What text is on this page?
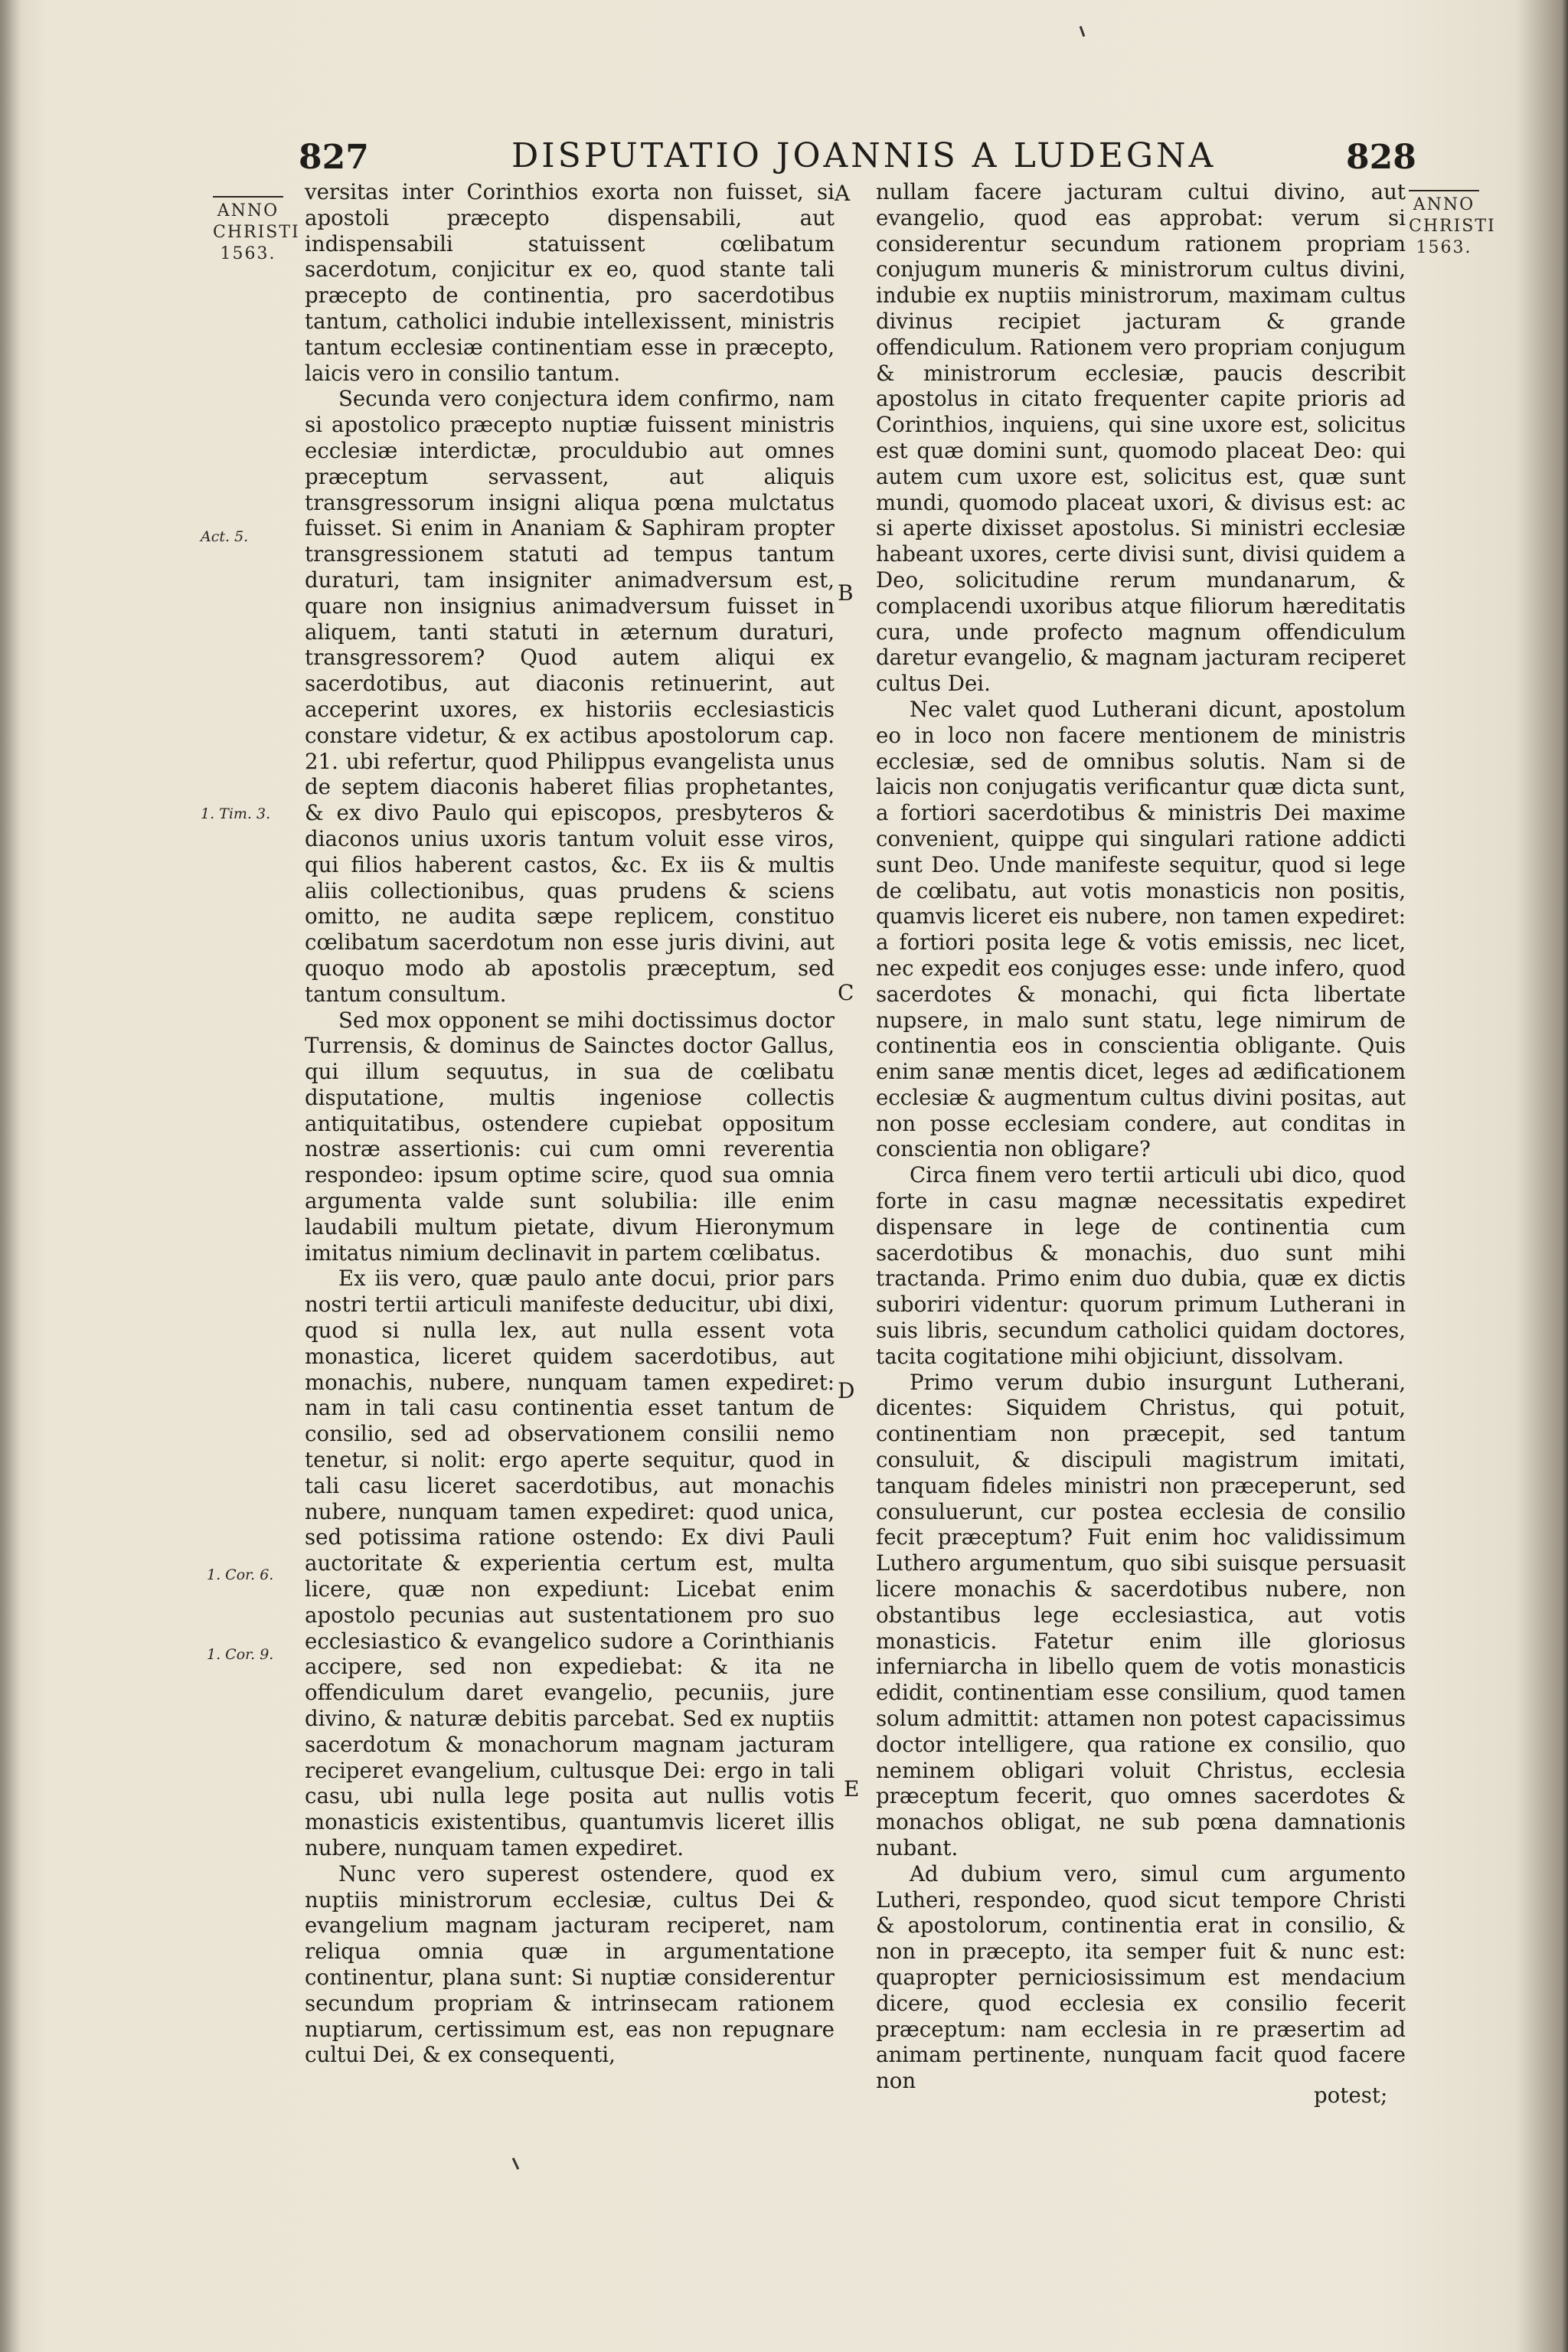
827	DISPUTATIO JOANNIS A LUDEGNA	828
ANNO
CHRISTI
1563.
ANNO
CHRISTI
1563.
Act. 5.
1. Tim. 3.
1. Cor. 6.
1. Cor. 9.
A
B
C
D
E

versitas inter Corinthios exorta non fuisset, si apostoli præcepto dispensabili, aut indispensabili statuissent cœlibatum sacerdotum, conjicitur ex eo, quod stante tali præcepto de continentia, pro sacerdotibus tantum, catholici indubie intellexissent, ministris tantum ecclesiæ continentiam esse in præcepto, laicis vero in consilio tantum.

Secunda vero conjectura idem confirmo, nam si apostolico præcepto nuptiæ fuissent ministris ecclesiæ interdictæ, proculdubio aut omnes præceptum servassent, aut aliquis transgressorum insigni aliqua pœna mulctatus fuisset. Si enim in Ananiam & Saphiram propter transgressionem statuti ad tempus tantum duraturi, tam insigniter animadversum est, quare non insignius animadversum fuisset in aliquem, tanti statuti in æternum duraturi, transgressorem? Quod autem aliqui ex sacerdotibus, aut diaconis retinuerint, aut acceperint uxores, ex historiis ecclesiasticis constare videtur, & ex actibus apostolorum cap. 21. ubi refertur, quod Philippus evangelista unus de septem diaconis haberet filias prophetantes, & ex divo Paulo qui episcopos, presbyteros & diaconos unius uxoris tantum voluit esse viros, qui filios haberent castos, &c. Ex iis & multis aliis collectionibus, quas prudens & sciens omitto, ne audita sæpe replicem, constituo cœlibatum sacerdotum non esse juris divini, aut quoquo modo ab apostolis præceptum, sed tantum consultum.

Sed mox opponent se mihi doctissimus doctor Turrensis, & dominus de Sainctes doctor Gallus, qui illum sequutus, in sua de cœlibatu disputatione, multis ingeniose collectis antiquitatibus, ostendere cupiebat oppositum nostræ assertionis: cui cum omni reverentia respondeo: ipsum optime scire, quod sua omnia argumenta valde sunt solubilia: ille enim laudabili multum pietate, divum Hieronymum imitatus nimium declinavit in partem cœlibatus.

Ex iis vero, quæ paulo ante docui, prior pars nostri tertii articuli manifeste deducitur, ubi dixi, quod si nulla lex, aut nulla essent vota monastica, liceret quidem sacerdotibus, aut monachis, nubere, nunquam tamen expediret: nam in tali casu continentia esset tantum de consilio, sed ad observationem consilii nemo tenetur, si nolit: ergo aperte sequitur, quod in tali casu liceret sacerdotibus, aut monachis nubere, nunquam tamen expediret: quod unica, sed potissima ratione ostendo: Ex divi Pauli auctoritate & experientia certum est, multa licere, quæ non expediunt: Licebat enim apostolo pecunias aut sustentationem pro suo ecclesiastico & evangelico sudore a Corinthianis accipere, sed non expediebat: & ita ne offendiculum daret evangelio, pecuniis, jure divino, & naturæ debitis parcebat. Sed ex nuptiis sacerdotum & monachorum magnam jacturam reciperet evangelium, cultusque Dei: ergo in tali casu, ubi nulla lege posita aut nullis votis monasticis existentibus, quantumvis liceret illis nubere, nunquam tamen expediret.

Nunc vero superest ostendere, quod ex nuptiis ministrorum ecclesiæ, cultus Dei & evangelium magnam jacturam reciperet, nam reliqua omnia quæ in argumentatione continentur, plana sunt: Si nuptiæ considerentur secundum propriam & intrinsecam rationem nuptiarum, certissimum est, eas non repugnare cultui Dei, & ex consequenti,

nullam facere jacturam cultui divino, aut evangelio, quod eas approbat: verum si considerentur secundum rationem propriam conjugum muneris & ministrorum cultus divini, indubie ex nuptiis ministrorum, maximam cultus divinus recipiet jacturam & grande offendiculum. Rationem vero propriam conjugum & ministrorum ecclesiæ, paucis describit apostolus in citato frequenter capite prioris ad Corinthios, inquiens, qui sine uxore est, solicitus est quæ domini sunt, quomodo placeat Deo: qui autem cum uxore est, solicitus est, quæ sunt mundi, quomodo placeat uxori, & divisus est: ac si aperte dixisset apostolus. Si ministri ecclesiæ habeant uxores, certe divisi sunt, divisi quidem a Deo, solicitudine rerum mundanarum, & complacendi uxoribus atque filiorum hæreditatis cura, unde profecto magnum offendiculum daretur evangelio, & magnam jacturam reciperet cultus Dei.

Nec valet quod Lutherani dicunt, apostolum eo in loco non facere mentionem de ministris ecclesiæ, sed de omnibus solutis. Nam si de laicis non conjugatis verificantur quæ dicta sunt, a fortiori sacerdotibus & ministris Dei maxime convenient, quippe qui singulari ratione addicti sunt Deo. Unde manifeste sequitur, quod si lege de cœlibatu, aut votis monasticis non positis, quamvis liceret eis nubere, non tamen expediret: a fortiori posita lege & votis emissis, nec licet, nec expedit eos conjuges esse: unde infero, quod sacerdotes & monachi, qui ficta libertate nupsere, in malo sunt statu, lege nimirum de continentia eos in conscientia obligante. Quis enim sanæ mentis dicet, leges ad ædificationem ecclesiæ & augmentum cultus divini positas, aut non posse ecclesiam condere, aut conditas in conscientia non obligare?

Circa finem vero tertii articuli ubi dico, quod forte in casu magnæ necessitatis expediret dispensare in lege de continentia cum sacerdotibus & monachis, duo sunt mihi tractanda. Primo enim duo dubia, quæ ex dictis suboriri videntur: quorum primum Lutherani in suis libris, secundum catholici quidam doctores, tacita cogitatione mihi objiciunt, dissolvam.

Primo verum dubio insurgunt Lutherani, dicentes: Siquidem Christus, qui potuit, continentiam non præcepit, sed tantum consuluit, & discipuli magistrum imitati, tanquam fideles ministri non præceperunt, sed consuluerunt, cur postea ecclesia de consilio fecit præceptum? Fuit enim hoc validissimum Luthero argumentum, quo sibi suisque persuasit licere monachis & sacerdotibus nubere, non obstantibus lege ecclesiastica, aut votis monasticis. Fatetur enim ille gloriosus inferniarcha in libello quem de votis monasticis edidit, continentiam esse consilium, quod tamen solum admittit: attamen non potest capacissimus doctor intelligere, qua ratione ex consilio, quo neminem obligari voluit Christus, ecclesia præceptum fecerit, quo omnes sacerdotes & monachos obligat, ne sub pœna damnationis nubant.

Ad dubium vero, simul cum argumento Lutheri, respondeo, quod sicut tempore Christi & apostolorum, continentia erat in consilio, & non in præcepto, ita semper fuit & nunc est: quapropter perniciosissimum est mendacium dicere, quod ecclesia ex consilio fecerit præceptum: nam ecclesia in re præsertim ad animam pertinente, nunquam facit quod facere non

potest;
